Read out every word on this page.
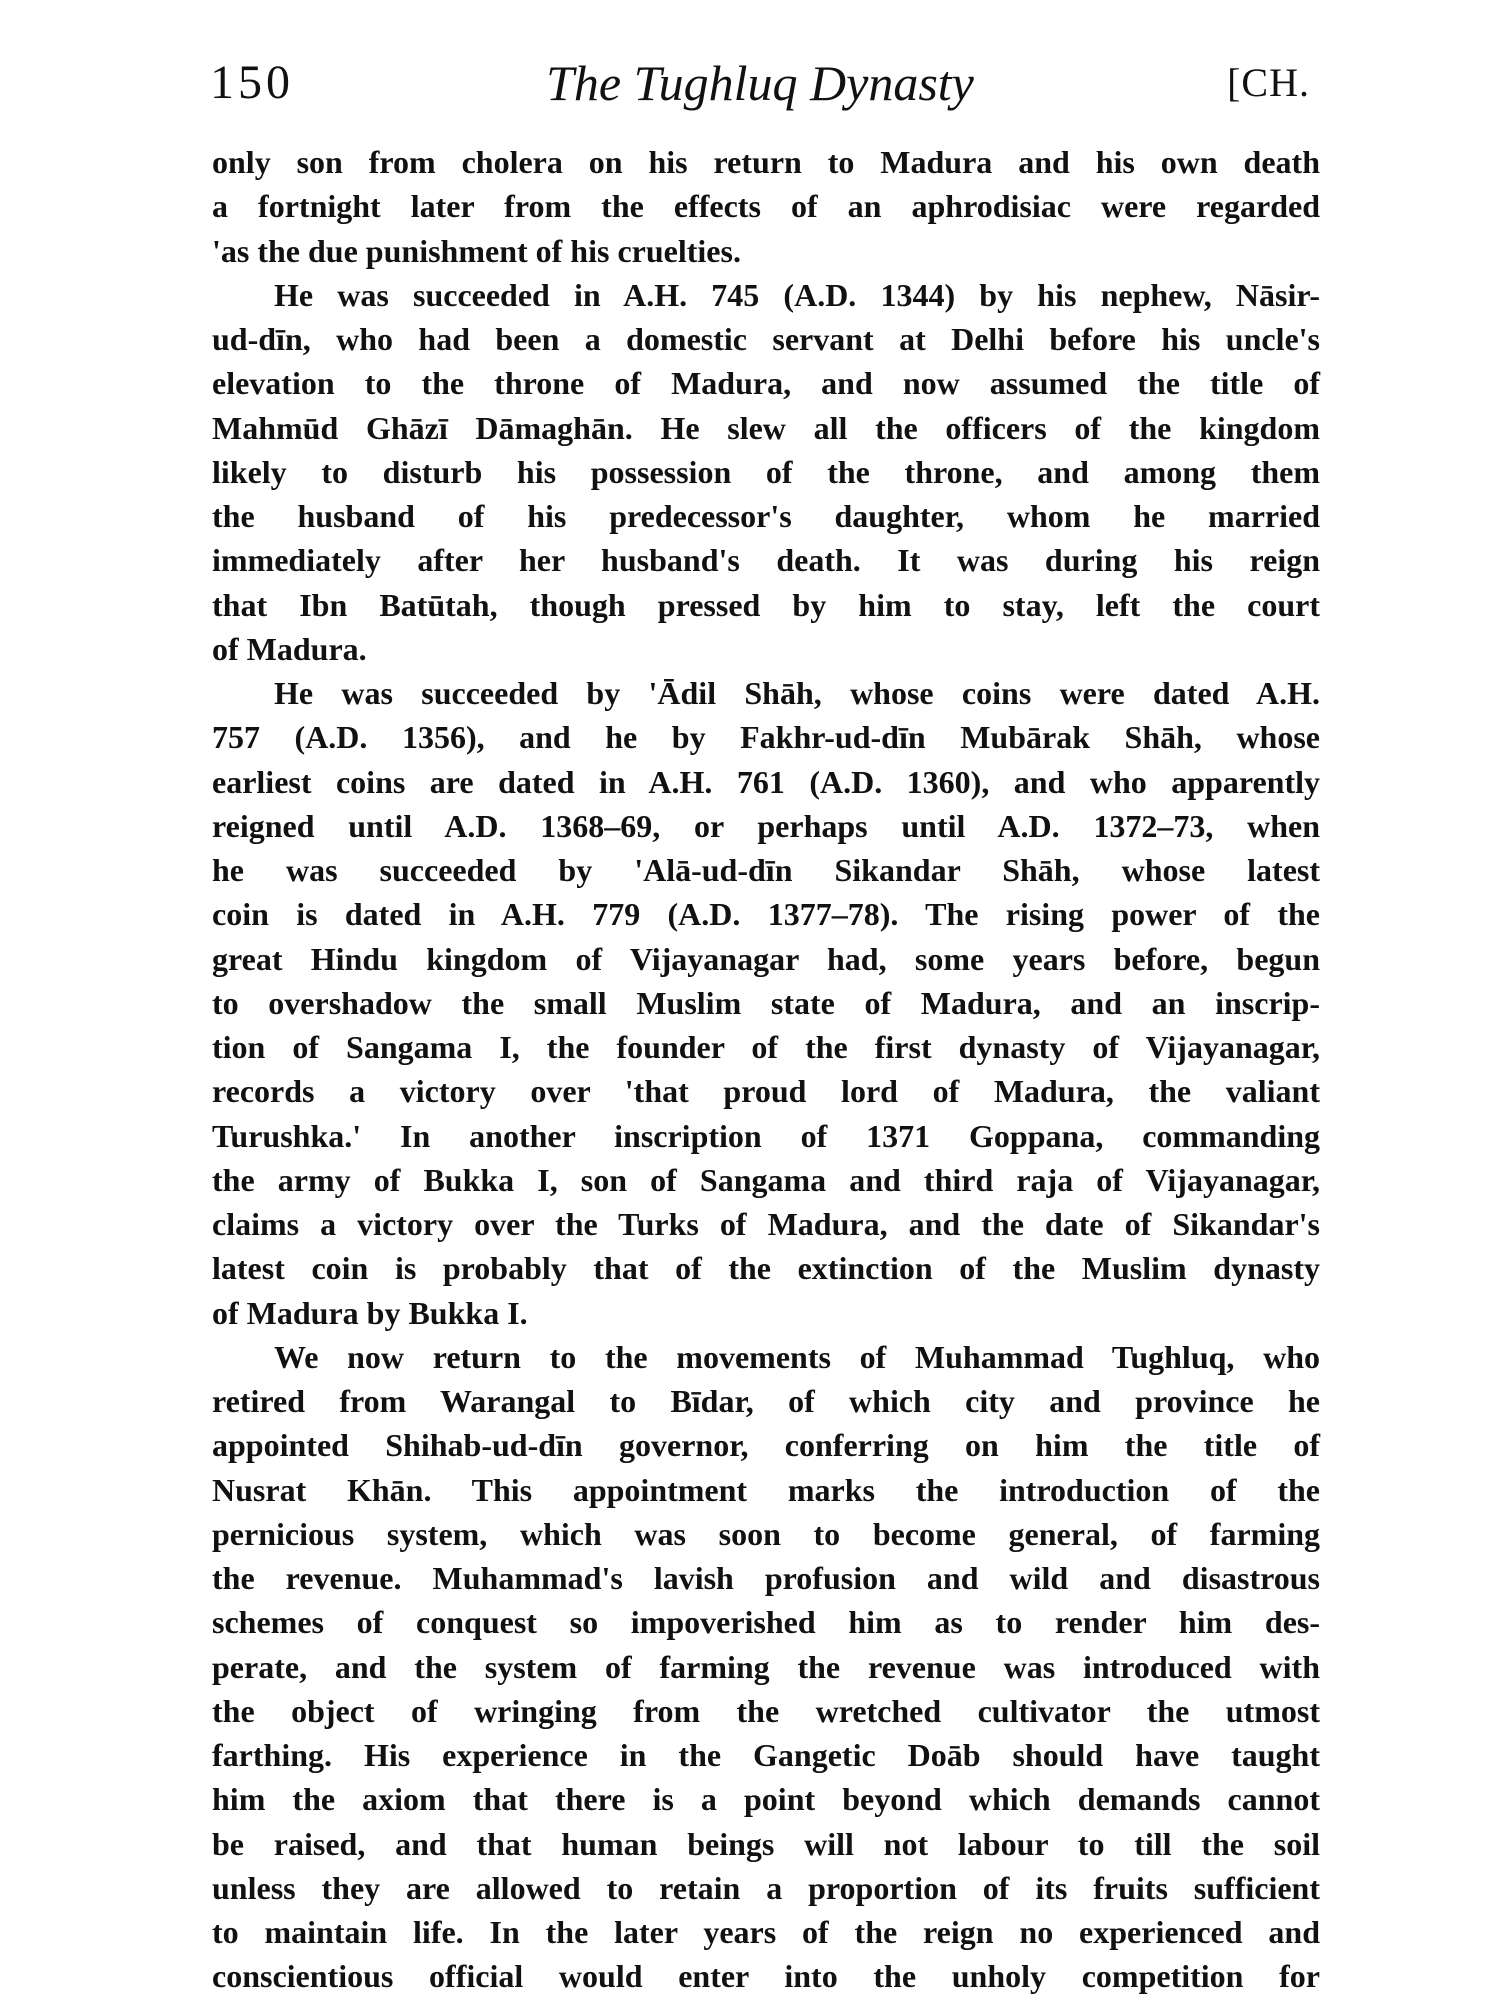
150	The Tughluq Dynasty	[CH.
only son from cholera on his return to Madura and his own death
a fortnight later from the effects of an aphrodisiac were regarded
'as the due punishment of his cruelties.
He was succeeded in A.H. 745 (A.D. 1344) by his nephew, Nāsir-
ud-dīn, who had been a domestic servant at Delhi before his uncle's
elevation to the throne of Madura, and now assumed the title of
Mahmūd Ghāzī Dāmaghān. He slew all the officers of the kingdom
likely to disturb his possession of the throne, and among them
the husband of his predecessor's daughter, whom he married
immediately after her husband's death. It was during his reign
that Ibn Batūtah, though pressed by him to stay, left the court
of Madura.
He was succeeded by 'Ādil Shāh, whose coins were dated A.H.
757 (A.D. 1356), and he by Fakhr-ud-dīn Mubārak Shāh, whose
earliest coins are dated in A.H. 761 (A.D. 1360), and who apparently
reigned until A.D. 1368–69, or perhaps until A.D. 1372–73, when
he was succeeded by 'Alā-ud-dīn Sikandar Shāh, whose latest
coin is dated in A.H. 779 (A.D. 1377–78). The rising power of the
great Hindu kingdom of Vijayanagar had, some years before, begun
to overshadow the small Muslim state of Madura, and an inscrip-
tion of Sangama I, the founder of the first dynasty of Vijayanagar,
records a victory over 'that proud lord of Madura, the valiant
Turushka.' In another inscription of 1371 Goppana, commanding
the army of Bukka I, son of Sangama and third raja of Vijayanagar,
claims a victory over the Turks of Madura, and the date of Sikandar's
latest coin is probably that of the extinction of the Muslim dynasty
of Madura by Bukka I.
We now return to the movements of Muhammad Tughluq, who
retired from Warangal to Bīdar, of which city and province he
appointed Shihab-ud-dīn governor, conferring on him the title of
Nusrat Khān. This appointment marks the introduction of the
pernicious system, which was soon to become general, of farming
the revenue. Muhammad's lavish profusion and wild and disastrous
schemes of conquest so impoverished him as to render him des-
perate, and the system of farming the revenue was introduced with
the object of wringing from the wretched cultivator the utmost
farthing. His experience in the Gangetic Doāb should have taught
him the axiom that there is a point beyond which demands cannot
be raised, and that human beings will not labour to till the soil
unless they are allowed to retain a proportion of its fruits sufficient
to maintain life. In the later years of the reign no experienced and
conscientious official would enter into the unholy competition for
